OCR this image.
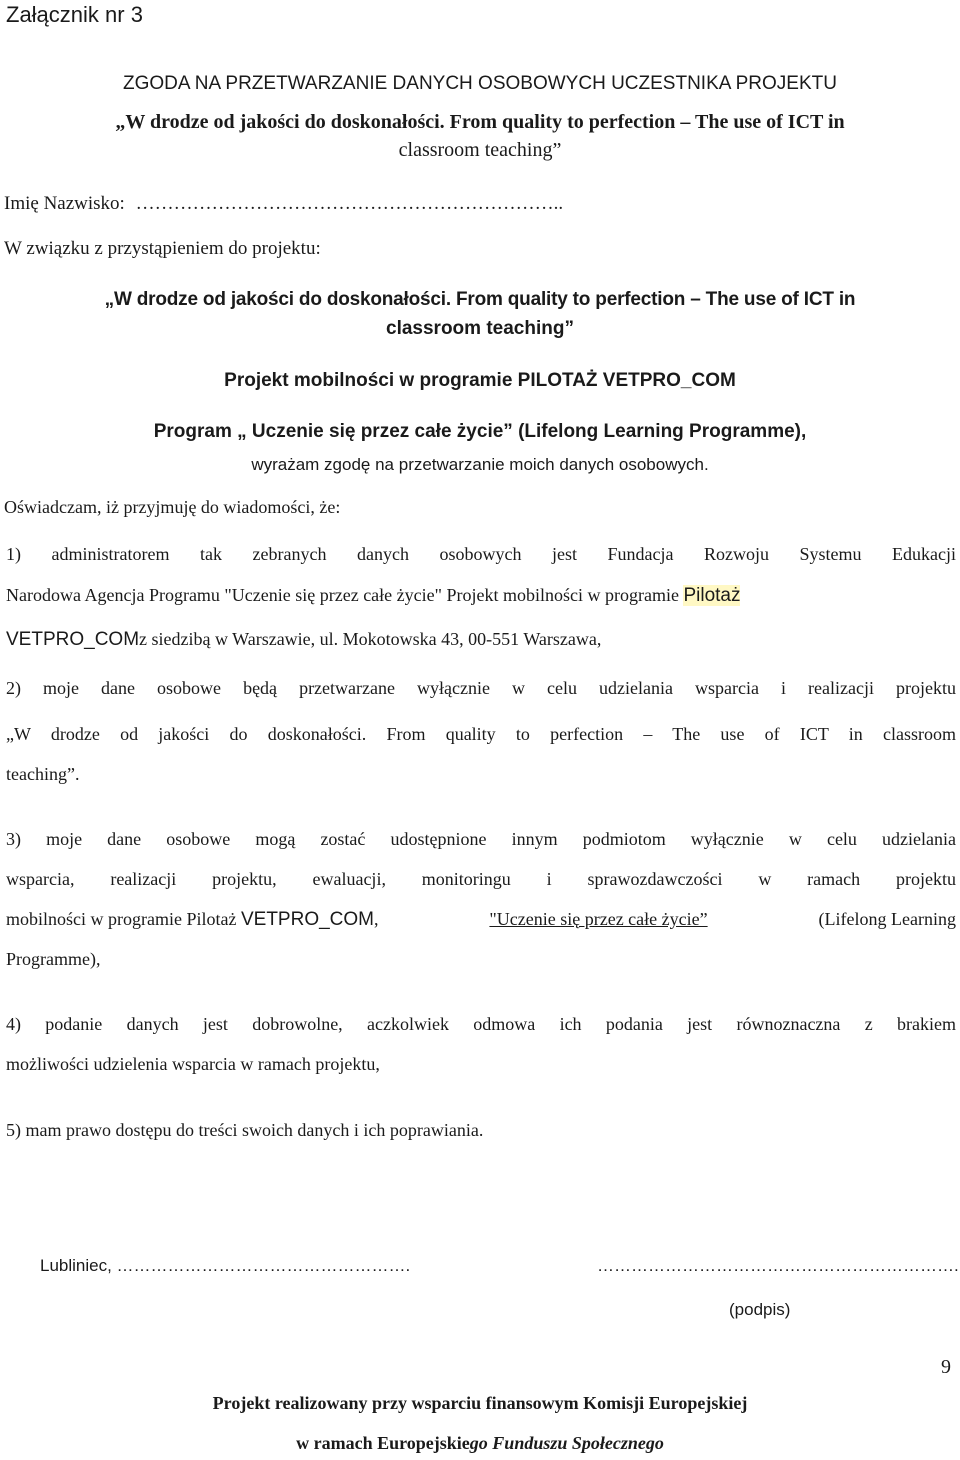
Załącznik nr 3
ZGODA NA PRZETWARZANIE DANYCH OSOBOWYCH UCZESTNIKA PROJEKTU
„W drodze od jakości do doskonałości. From quality to perfection – The use of ICT in
classroom teaching”
Imię Nazwisko: …………………………………………………………..
W związku z przystąpieniem do projektu:
„W drodze od jakości do doskonałości. From quality to perfection – The use of ICT in
classroom teaching”
Projekt mobilności w programie PILOTAŻ VETPRO_COM
Program „ Uczenie się przez całe życie” (Lifelong Learning Programme),
wyrażam zgodę na przetwarzanie moich danych osobowych.
Oświadczam, iż przyjmuję do wiadomości, że:
1) administratorem tak zebranych danych osobowych jest Fundacja Rozwoju Systemu Edukacji
Narodowa Agencja Programu "Uczenie się przez całe życie" Projekt mobilności w programie Pilotaż
VETPRO_COMz siedzibą w Warszawie, ul. Mokotowska 43, 00-551 Warszawa,
2) moje dane osobowe będą przetwarzane wyłącznie w celu udzielania wsparcia i realizacji projektu
„W drodze od jakości do doskonałości. From quality to perfection – The use of ICT in classroom
teaching”.
3) moje dane osobowe mogą zostać udostępnione innym podmiotom wyłącznie w celu udzielania
wsparcia, realizacji projektu, ewaluacji, monitoringu i sprawozdawczości w ramach projektu
mobilności w programie Pilotaż VETPRO_COM,	"Uczenie się przez całe życie”	(Lifelong Learning
Programme),
4) podanie danych jest dobrowolne, aczkolwiek odmowa ich podania jest równoznaczna z brakiem
możliwości udzielenia wsparcia w ramach projektu,
5) mam prawo dostępu do treści swoich danych i ich poprawiania.
Lubliniec, …………………………………………….	……………………………………………………….
(podpis)
9
Projekt realizowany przy wsparciu finansowym Komisji Europejskiej
w ramach Europejskiego Funduszu Społecznego
